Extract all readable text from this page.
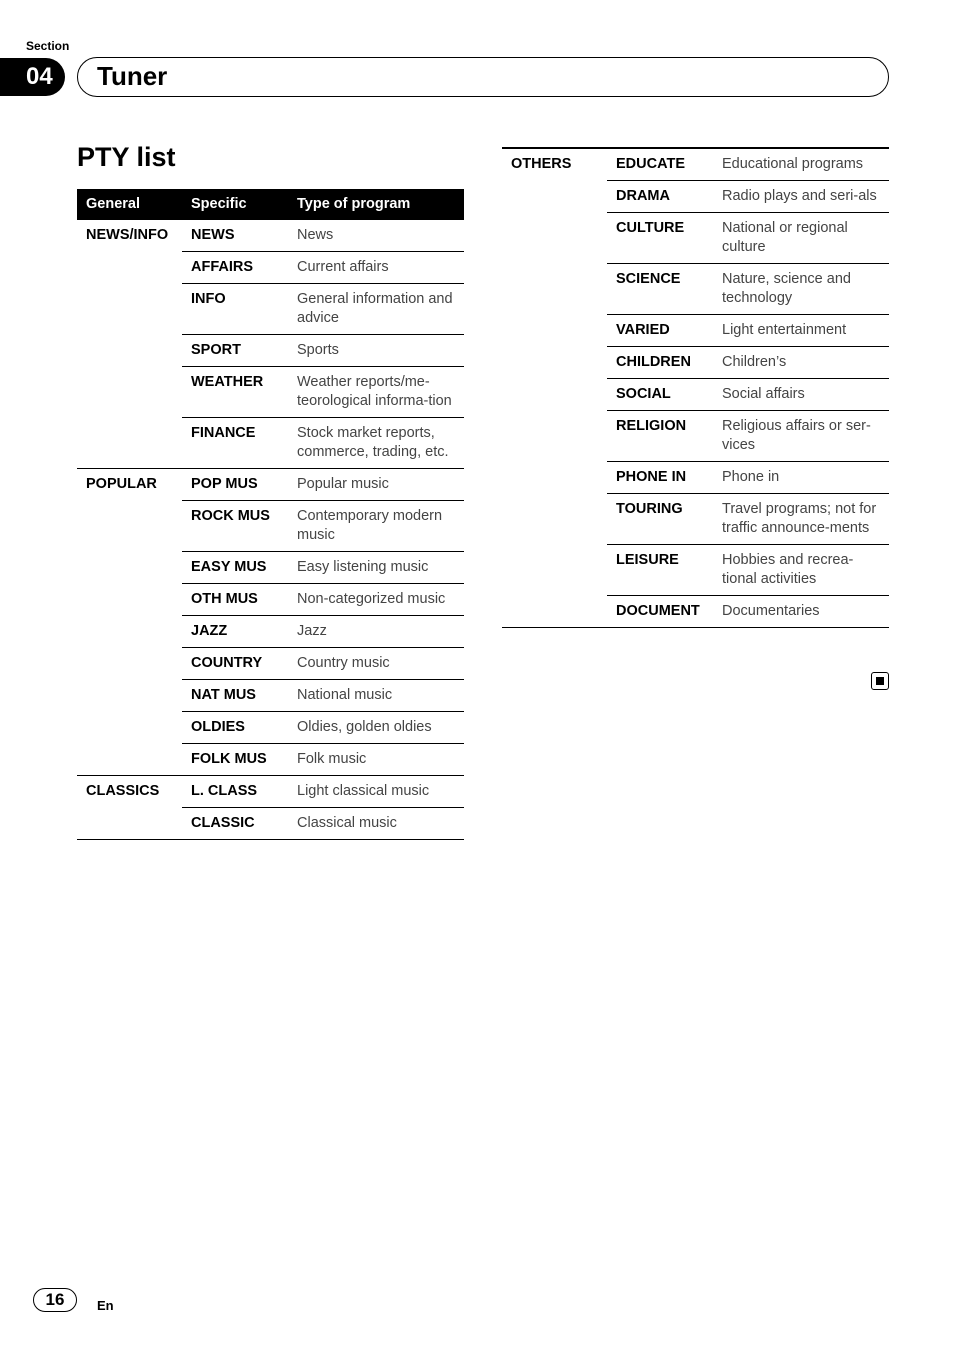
Section
04	Tuner
PTY list
General	Specific	Type of program
NEWS/INFO	NEWS	News
	AFFAIRS	Current affairs
	INFO	General information and advice
	SPORT	Sports
	WEATHER	Weather reports/me-teorological informa-tion
	FINANCE	Stock market reports, commerce, trading, etc.
POPULAR	POP MUS	Popular music
	ROCK MUS	Contemporary modern music
	EASY MUS	Easy listening music
	OTH MUS	Non-categorized music
	JAZZ	Jazz
	COUNTRY	Country music
	NAT MUS	National music
	OLDIES	Oldies, golden oldies
	FOLK MUS	Folk music
CLASSICS	L. CLASS	Light classical music
	CLASSIC	Classical music
OTHERS	EDUCATE	Educational programs
	DRAMA	Radio plays and seri-als
	CULTURE	National or regional culture
	SCIENCE	Nature, science and technology
	VARIED	Light entertainment
	CHILDREN	Children’s
	SOCIAL	Social affairs
	RELIGION	Religious affairs or ser-vices
	PHONE IN	Phone in
	TOURING	Travel programs; not for traffic announce-ments
	LEISURE	Hobbies and recrea-tional activities
	DOCUMENT	Documentaries
16	En
